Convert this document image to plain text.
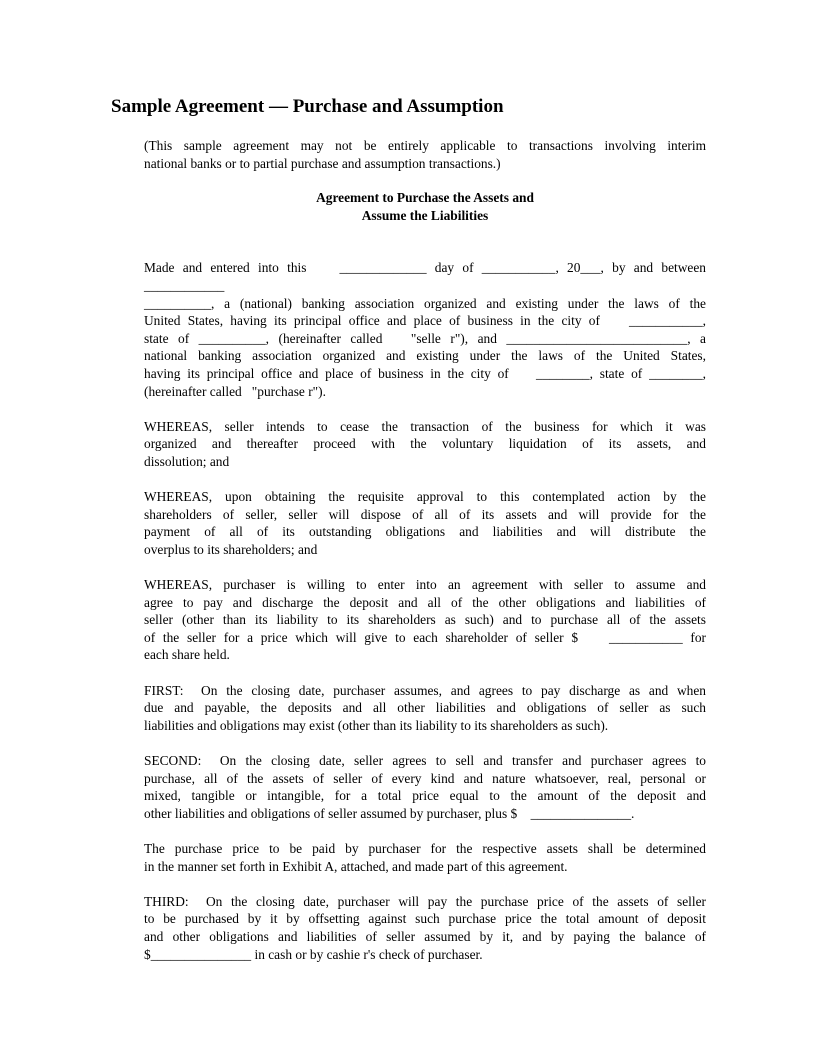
Sample Agreement — Purchase and Assumption

(This sample agreement may not be entirely applicable to transactions involving interim
national banks or to partial purchase and assumption transactions.)

Agreement to Purchase the Assets and
Assume the Liabilities

Made and entered into this    _____________ day of ___________, 20___, by and between  ____________
__________, a (national) banking association organized and existing under the laws of the
United States, having its principal office and place of business in the city of    ___________,
state of __________, (hereinafter called   "selle r"), and ___________________________, a
national banking association organized and existing under the laws of the United States,
having its principal office and place of business in the city of    ________, state of ________,
(hereinafter called   "purchase r").

WHEREAS, seller intends to cease the transaction of the business for which it was
organized and thereafter proceed with the voluntary liquidation of its assets, and
dissolution; and

WHEREAS, upon obtaining the requisite approval to this contemplated action by the
shareholders of seller, seller will dispose of all of its assets and will provide for the
payment of all of its outstanding obligations and liabilities and will distribute the
overplus to its shareholders; and

WHEREAS, purchaser is willing to enter into an agreement with seller to assume and
agree to pay and discharge the deposit and all of the other obligations and liabilities of
seller (other than its liability to its shareholders as such) and to purchase all of the assets
of the seller for a price which will give to each shareholder of seller $    ___________ for
each share held.

FIRST:  On the closing date, purchaser assumes, and agrees to pay discharge as and when
due and payable, the deposits and all other liabilities and obligations of seller as such
liabilities and obligations may exist (other than its liability to its shareholders as such).

SECOND:  On the closing date, seller agrees to sell and transfer and purchaser agrees to
purchase, all of the assets of seller of every kind and nature whatsoever, real, personal or
mixed, tangible or intangible, for a total price equal to the amount of the deposit and
other liabilities and obligations of seller assumed by purchaser, plus $    _______________.

The purchase price to be paid by purchaser for the respective assets shall be determined
in the manner set forth in Exhibit A, attached, and made part of this agreement.

THIRD:  On the closing date, purchaser will pay the purchase price of the assets of seller
to be purchased by it by offsetting against such purchase price the total amount of deposit
and other obligations and liabilities of seller assumed by it, and by paying the balance of
$_______________ in cash or by cashie r's check of purchaser.
